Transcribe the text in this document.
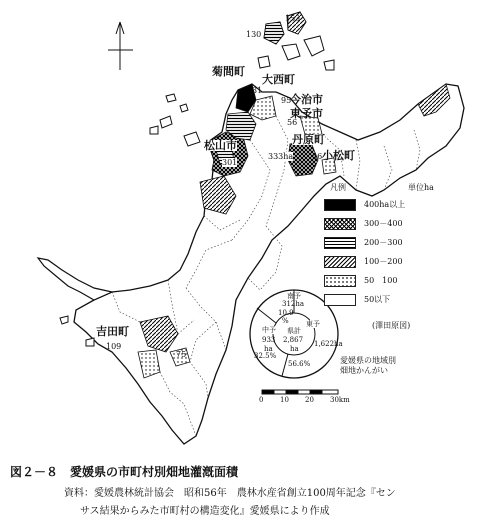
菊間町
大西町
今治市
東予市
松山市	丹原町
小松町
吉田町
153
130
31
95
56
301
333ha 46
109
75
凡例	単位ha
400ha以上
300－400
200－300
100－200
50　100
50以下
(澤田原図)
南予
312ha
東予
1,622ha
中予
933
ha
県計
2,867
ha
10.9
%
32.5%
56.6%	愛媛県の地域別
畑地かんがい
0 10 20 30km
図２－８　愛媛県の市町村別畑地灌漑面積
資料：愛媛農林統計協会　昭和56年　農林水産省創立100周年記念『セン
サス結果からみた市町村の構造変化』愛媛県により作成
